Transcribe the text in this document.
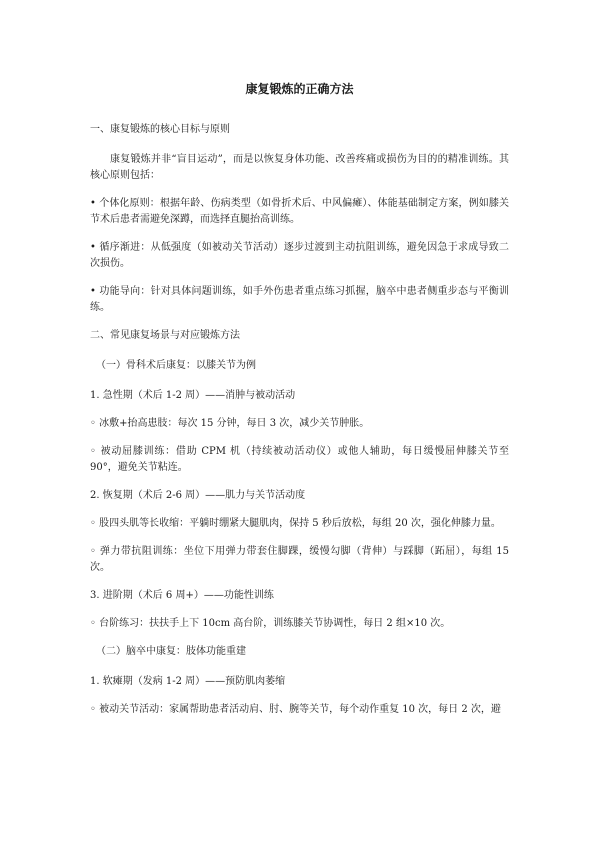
康复锻炼的正确方法
一、康复锻炼的核心目标与原则
康复锻炼并非“盲目运动”，而是以恢复身体功能、改善疼痛或损伤为目的的精准训练。其核心原则包括：
• 个体化原则：根据年龄、伤病类型（如骨折术后、中风偏瘫）、体能基础制定方案，例如膝关节术后患者需避免深蹲，而选择直腿抬高训练。
• 循序渐进：从低强度（如被动关节活动）逐步过渡到主动抗阻训练，避免因急于求成导致二次损伤。
• 功能导向：针对具体问题训练，如手外伤患者重点练习抓握，脑卒中患者侧重步态与平衡训练。
二、常见康复场景与对应锻炼方法
（一）骨科术后康复：以膝关节为例
1. 急性期（术后 1-2 周）——消肿与被动活动
◦ 冰敷+抬高患肢：每次 15 分钟，每日 3 次，减少关节肿胀。
◦ 被动屈膝训练：借助 CPM 机（持续被动活动仪）或他人辅助，每日缓慢屈伸膝关节至 90°，避免关节粘连。
2. 恢复期（术后 2-6 周）——肌力与关节活动度
◦ 股四头肌等长收缩：平躺时绷紧大腿肌肉，保持 5 秒后放松，每组 20 次，强化伸膝力量。
◦ 弹力带抗阻训练：坐位下用弹力带套住脚踝，缓慢勾脚（背伸）与踩脚（跖屈），每组 15 次。
3. 进阶期（术后 6 周+）——功能性训练
◦ 台阶练习：扶扶手上下 10cm 高台阶，训练膝关节协调性，每日 2 组×10 次。
（二）脑卒中康复：肢体功能重建
1. 软瘫期（发病 1-2 周）——预防肌肉萎缩
◦ 被动关节活动：家属帮助患者活动肩、肘、腕等关节，每个动作重复 10 次，每日 2 次，避
